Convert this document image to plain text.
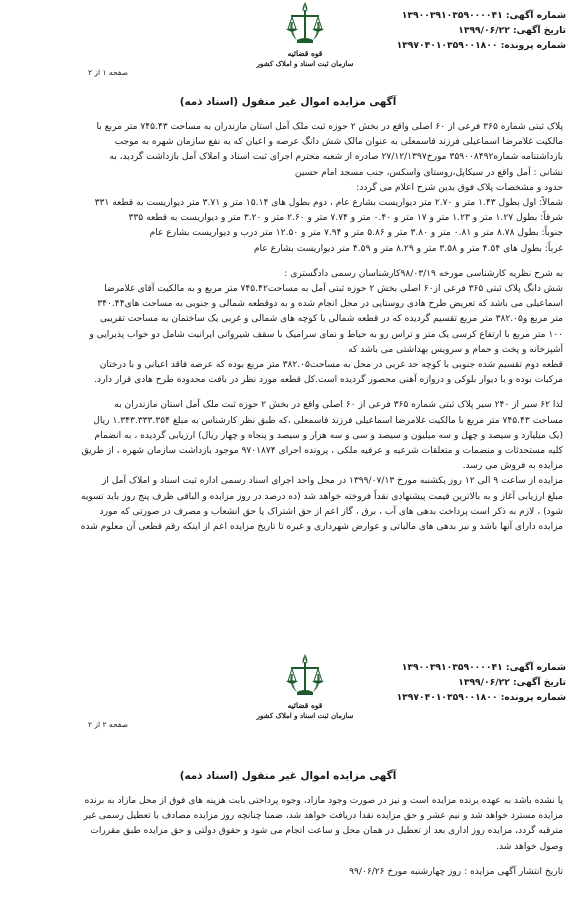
شماره آگهی: ۱۳۹۰۰۳۹۱۰۳۵۹۰۰۰۰۴۱
تاریخ آگهی: ۱۳۹۹/۰۶/۲۲
شماره پرونده: ۱۳۹۷۰۴۰۱۰۳۵۹۰۰۱۸۰۰
قوه قضائیه
سازمان ثبت اسناد و املاک کشور
صفحه ۱ از ۲
آگهی مزایده اموال غیر منقول (اسناد ذمه)

پلاک ثبتی شماره ۳۶۵ فرعی از ۶۰ اصلی واقع در بخش ۲ حوزه ثبت ملک آمل استان مازندران به مساحت ۷۴۵.۴۳ متر مربع با

مالکیت غلامرضا اسماعیلی فرزند قاسمعلی به عنوان مالک شش دانگ عرصه و اعیان که به نفع سازمان شهره به موجب

بازداشتنامه شماره۳۵۹۰۰۸۴۹۲ مورخ۲۷/۱۲/۱۳۹۷ صادره از شعبه محترم اجرای ثبت اسناد و املاک آمل بازداشت گردید، به

نشانی : آمل واقع در سیکاپل،روستای واسکس، جنب مسجد امام حسین

حدود و مشخصات پلاک فوق بدین شرح اعلام می گردد:

شمالاً: اول بطول ۱.۴۳ متر و ۲.۷۰ متر دیواریست بشارع عام ، دوم بطول های ۱۵.۱۴ متر و ۳.۷۱ متر دیواریست به قطعه ۳۳۱

شرقاً: بطول ۱.۲۷ متر و ۱.۲۳ متر و ۱۷ متر و ۰.۴۰ متر و ۷.۷۴ متر و ۲.۶۰ متر و ۳.۲۰ متر و دیواریست به قطعه ۳۳۵

جنوباً: بطول ۸.۷۸ متر و ۰.۸۱ متر و ۳.۸۰ متر و ۵.۸۶ متر و ۷.۹۴ متر و ۱۲.۵۰ متر درب و دیواریست بشارع عام

غرباً: بطول های ۴.۵۴ متر و ۳.۵۸ متر و ۸.۲۹ متر و ۴.۵۹ متر دیواریست بشارع عام

به شرح نظریه کارشناسی مورخه ۹۸/۰۳/۱۹کارشناسان رسمی دادگستری :

شش دانگ پلاک ثبتی ۳۶۵ فرعی از۶۰ اصلی بخش ۲ حوزه ثبتی آمل به مساحت۷۴۵.۴۲ متر مربع و به مالکیت آقای غلامرضا

اسماعیلی می باشد که تعریض طرح هادی روستایی در محل انجام شده و به دوقطعه شمالی و جنوبی به مساحت های۳۴۰.۴۴

متر مربع و۳۸۲.۰۵ متر مربع تقسیم گردیده که در قطعه شمالی با کوچه های شمالی و غربی یک ساختمان به مساحت تقریبی

۱۰۰ متر مربع با ارتفاع کرسی یک متر و تراس رو به حیاط و نمای سرامیک با سقف شیروانی ایرانیت شامل دو خواب پذیرایی و

آشپزخانه و پخت و حمام و سرویس بهداشتی می باشد که

قطعه دوم تقسیم شده جنوبی با کوچه حد غربی در محل به مساحت۳۸۲.۰۵ متر مربع بوده که عرصه فاقد اعیانی و با درختان

مرکبات بوده و با دیوار بلوکی و دروازه آهنی محصور گردیده است.کل قطعه مورد نظر در بافت محدوده طرح هادی قرار دارد.

لذا ۶۲ سیر از ۲۴۰ سیر پلاک ثبتی شماره ۳۶۵ فرعی از ۶۰ اصلی واقع در بخش ۲ حوزه ثبت ملک آمل استان مازندران به

مساحت ۷۴۵.۴۳ متر مربع با مالکیت غلامرضا اسماعیلی فرزند قاسمعلی ،که طبق نظر کارشناس به مبلغ ۱.۳۴۳.۳۳۳.۳۵۴ ریال

(یک میلیارد و سیصد و چهل و سه میلیون و سیصد و سی و سه هزار و سیصد و پنجاه و چهار ریال) ارزیابی گردیده ، به انضمام

کلیه مستحدثات و منضمات و متعلقات شرعیه و عرفیه ملکی ، پرونده اجرای ۹۷۰۱۸۷۴ موجود بازداشت سازمان شهره ، از طریق

مزایده به فروش می رسد.

مزایده از ساعت ۹ الی ۱۲ روز یکشنبه مورخ ۱۳۹۹/۰۷/۱۳ در محل واحد اجرای اسناد رسمی اداره ثبت اسناد و املاک آمل از

مبلغ ارزیابی آغاز و به بالاترین قیمت پیشنهادی نقداً فروخته خواهد شد (ده درصد در روز مزایده و الباقی ظرف پنج روز باید تسویه

شود) ، لازم به ذکر است پرداخت بدهی های آب ، برق ، گاز اعم از حق اشتراک یا حق انشعاب و مصرف در صورتی که مورد

مزایده دارای آنها باشد و نیز بدهی های مالیاتی و عوارض شهرداری و غیره تا تاریخ مزایده اعم از اینکه رقم قطعی آن معلوم شده

شماره آگهی: ۱۳۹۰۰۳۹۱۰۳۵۹۰۰۰۰۴۱
تاریخ آگهی: ۱۳۹۹/۰۶/۲۲
شماره پرونده: ۱۳۹۷۰۴۰۱۰۳۵۹۰۰۱۸۰۰
قوه قضائیه
سازمان ثبت اسناد و املاک کشور
صفحه ۲ از ۲
آگهی مزایده اموال غیر منقول (اسناد ذمه)

یا نشده باشد به عهده برنده مزایده است و نیز در صورت وجود مازاد، وجوه پرداختی بابت هزینه های فوق از محل مازاد به برنده

مزایده مسترد خواهد شد و نیم عشر و حق مزایده نقدا دریافت خواهد شد، ضمنا چنانچه روز مزایده مصادف با تعطیل رسمی غیر

مترقبه گردد، مزایده روز اداری بعد از تعطیل در همان محل و ساعت انجام می شود و حقوق دولتی و حق مزایده طبق مقررات

وصول خواهد شد.

تاریخ انتشار آگهی مزایده : روز چهارشنبه مورخ ۹۹/۰۶/۲۶
